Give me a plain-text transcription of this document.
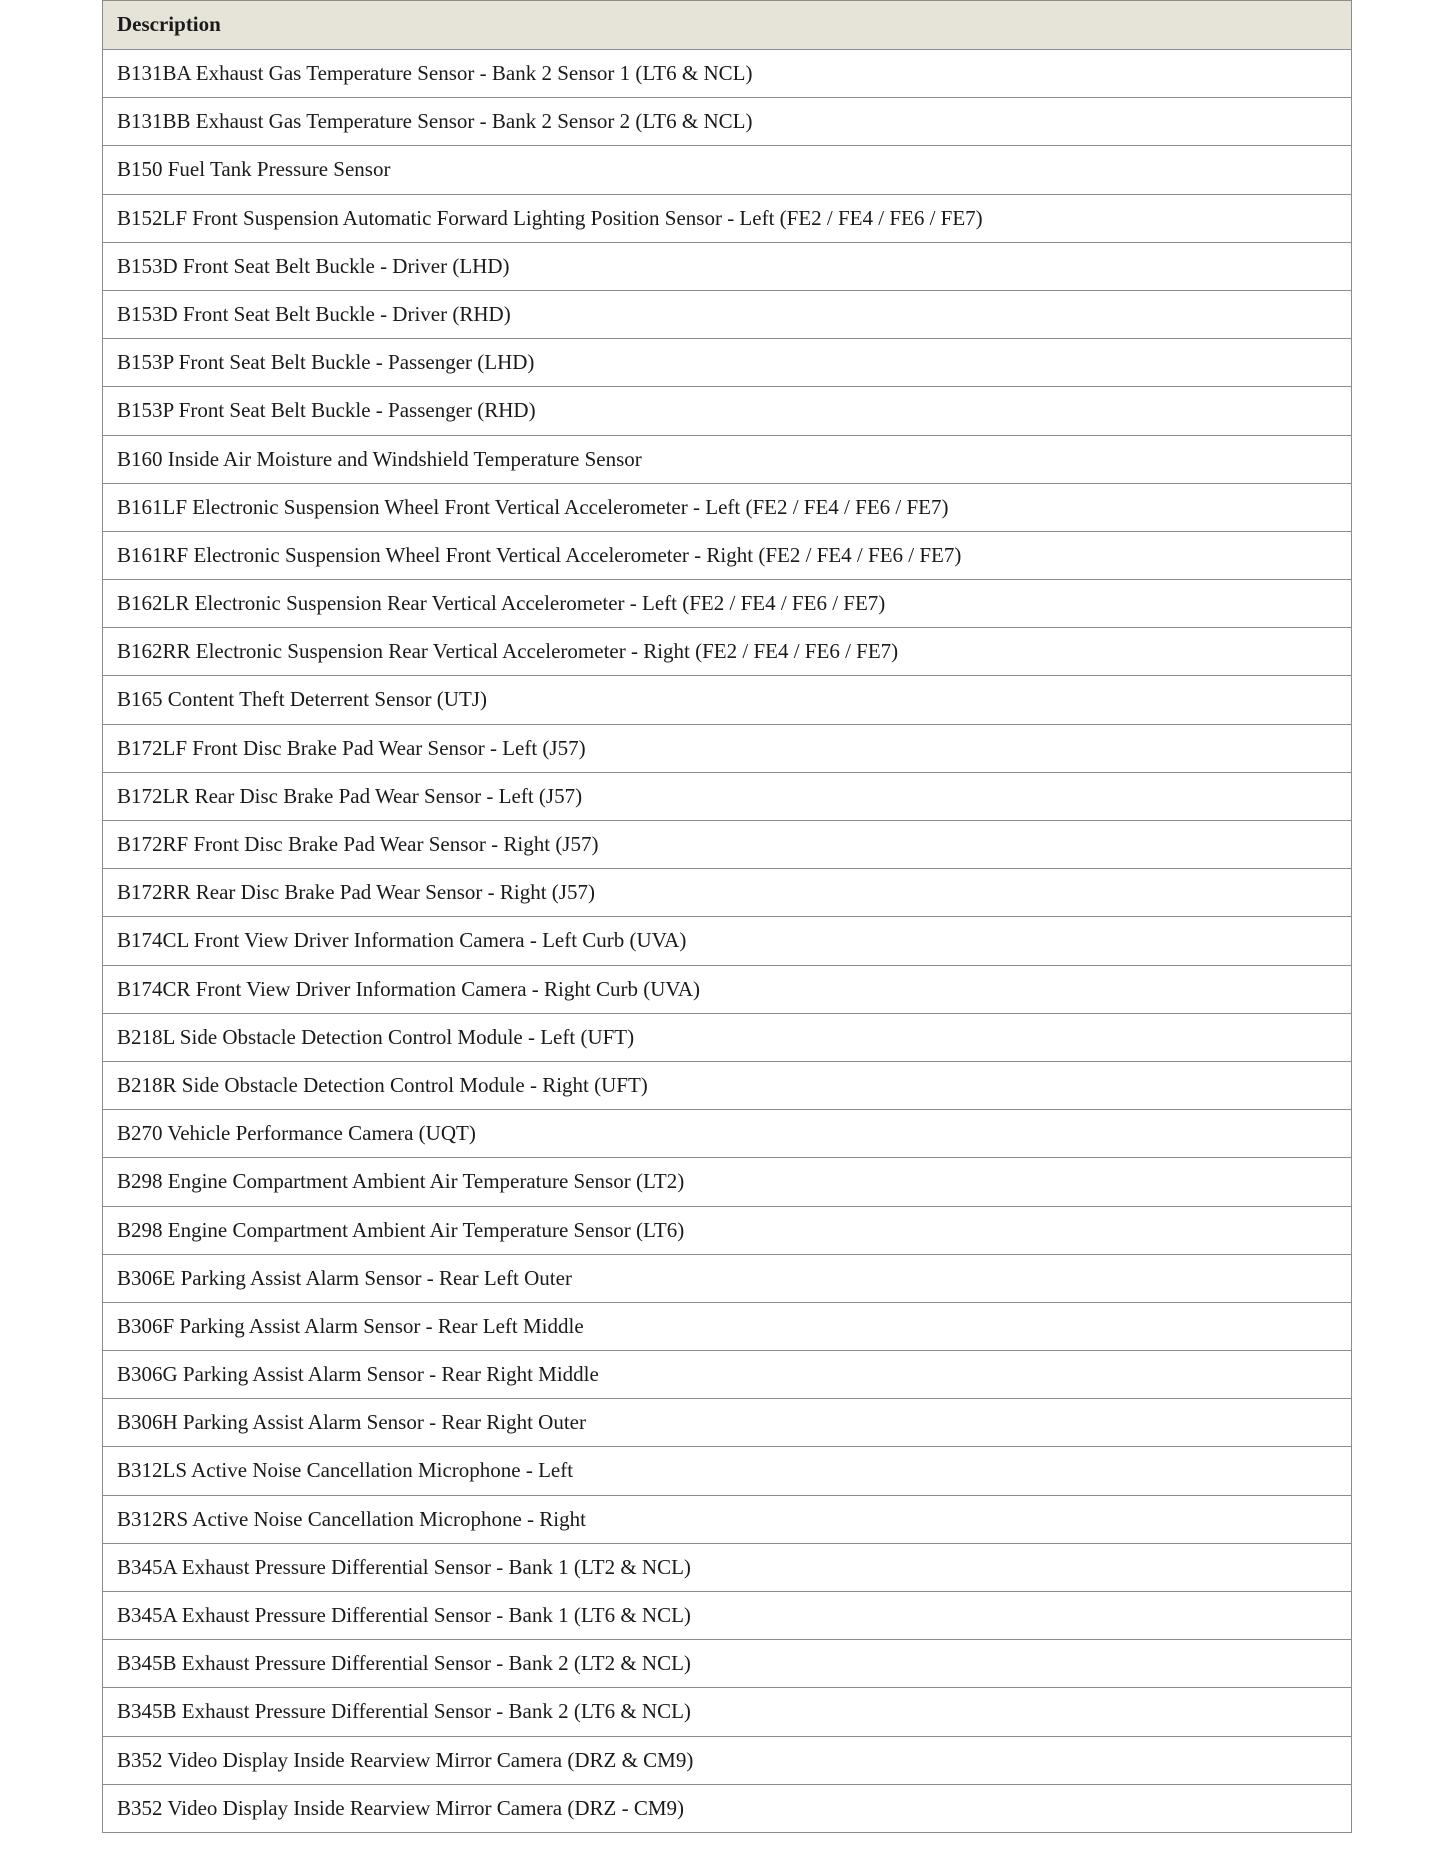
Description
B131BA Exhaust Gas Temperature Sensor - Bank 2 Sensor 1 (LT6 & NCL)
B131BB Exhaust Gas Temperature Sensor - Bank 2 Sensor 2 (LT6 & NCL)
B150 Fuel Tank Pressure Sensor
B152LF Front Suspension Automatic Forward Lighting Position Sensor - Left (FE2 / FE4 / FE6 / FE7)
B153D Front Seat Belt Buckle - Driver (LHD)
B153D Front Seat Belt Buckle - Driver (RHD)
B153P Front Seat Belt Buckle - Passenger (LHD)
B153P Front Seat Belt Buckle - Passenger (RHD)
B160 Inside Air Moisture and Windshield Temperature Sensor
B161LF Electronic Suspension Wheel Front Vertical Accelerometer - Left (FE2 / FE4 / FE6 / FE7)
B161RF Electronic Suspension Wheel Front Vertical Accelerometer - Right (FE2 / FE4 / FE6 / FE7)
B162LR Electronic Suspension Rear Vertical Accelerometer - Left (FE2 / FE4 / FE6 / FE7)
B162RR Electronic Suspension Rear Vertical Accelerometer - Right (FE2 / FE4 / FE6 / FE7)
B165 Content Theft Deterrent Sensor (UTJ)
B172LF Front Disc Brake Pad Wear Sensor - Left (J57)
B172LR Rear Disc Brake Pad Wear Sensor - Left (J57)
B172RF Front Disc Brake Pad Wear Sensor - Right (J57)
B172RR Rear Disc Brake Pad Wear Sensor - Right (J57)
B174CL Front View Driver Information Camera - Left Curb (UVA)
B174CR Front View Driver Information Camera - Right Curb (UVA)
B218L Side Obstacle Detection Control Module - Left (UFT)
B218R Side Obstacle Detection Control Module - Right (UFT)
B270 Vehicle Performance Camera (UQT)
B298 Engine Compartment Ambient Air Temperature Sensor (LT2)
B298 Engine Compartment Ambient Air Temperature Sensor (LT6)
B306E Parking Assist Alarm Sensor - Rear Left Outer
B306F Parking Assist Alarm Sensor - Rear Left Middle
B306G Parking Assist Alarm Sensor - Rear Right Middle
B306H Parking Assist Alarm Sensor - Rear Right Outer
B312LS Active Noise Cancellation Microphone - Left
B312RS Active Noise Cancellation Microphone - Right
B345A Exhaust Pressure Differential Sensor - Bank 1 (LT2 & NCL)
B345A Exhaust Pressure Differential Sensor - Bank 1 (LT6 & NCL)
B345B Exhaust Pressure Differential Sensor - Bank 2 (LT2 & NCL)
B345B Exhaust Pressure Differential Sensor - Bank 2 (LT6 & NCL)
B352 Video Display Inside Rearview Mirror Camera (DRZ & CM9)
B352 Video Display Inside Rearview Mirror Camera (DRZ - CM9)
